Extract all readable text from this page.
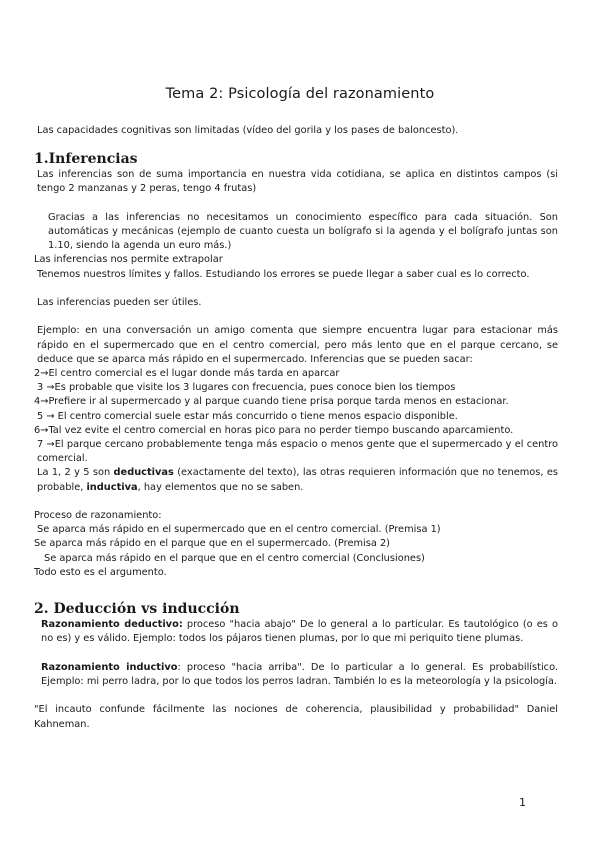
Tema 2: Psicología del razonamiento

Las capacidades cognitivas son limitadas (vídeo del gorila y los pases de baloncesto).

1.Inferencias

Las inferencias son de suma importancia en nuestra vida cotidiana, se aplica en distintos campos (si tengo 2 manzanas y 2 peras, tengo 4 frutas)

Gracias a las inferencias no necesitamos un conocimiento específico para cada situación. Son automáticas y mecánicas (ejemplo de cuanto cuesta un bolígrafo si la agenda y el bolígrafo juntas son 1.10, siendo la agenda un euro más.)

Las inferencias nos permite extrapolar

Tenemos nuestros límites y fallos. Estudiando los errores se puede llegar a saber cual es lo correcto.

Las inferencias pueden ser útiles.

Ejemplo: en una conversación un amigo comenta que siempre encuentra lugar para estacionar más rápido en el supermercado que en el centro comercial, pero más lento que en el parque cercano, se deduce que se aparca más rápido en el supermercado. Inferencias que se pueden sacar:

2→El centro comercial es el lugar donde más tarda en aparcar

3 →Es probable que visite los 3 lugares con frecuencia, pues conoce bien los tiempos

4→Prefiere ir al supermercado y al parque cuando tiene prisa porque tarda menos en estacionar.

5 → El centro comercial suele estar más concurrido o tiene menos espacio disponible.

6→Tal vez evite el centro comercial en horas pico para no perder tiempo buscando aparcamiento.

7 →El parque cercano probablemente tenga más espacio o menos gente que el supermercado y el centro comercial.

La 1, 2 y 5 son deductivas (exactamente del texto), las otras requieren información que no tenemos, es probable, inductiva, hay elementos que no se saben.

Proceso de razonamiento:

Se aparca más rápido en el supermercado que en el centro comercial. (Premisa 1)

Se aparca más rápido en el parque que en el supermercado. (Premisa 2)

Se aparca más rápido en el parque que en el centro comercial (Conclusiones)

Todo esto es el argumento.

2. Deducción vs inducción

Razonamiento deductivo: proceso "hacia abajo" De lo general a lo particular. Es tautológico (o es o no es) y es válido. Ejemplo: todos los pájaros tienen plumas, por lo que mi periquito tiene plumas.

Razonamiento inductivo: proceso "hacia arriba". De lo particular a lo general. Es probabilístico. Ejemplo: mi perro ladra, por lo que todos los perros ladran. También lo es la meteorología y la psicología.

"El incauto confunde fácilmente las nociones de coherencia, plausibilidad y probabilidad" Daniel Kahneman.

1
